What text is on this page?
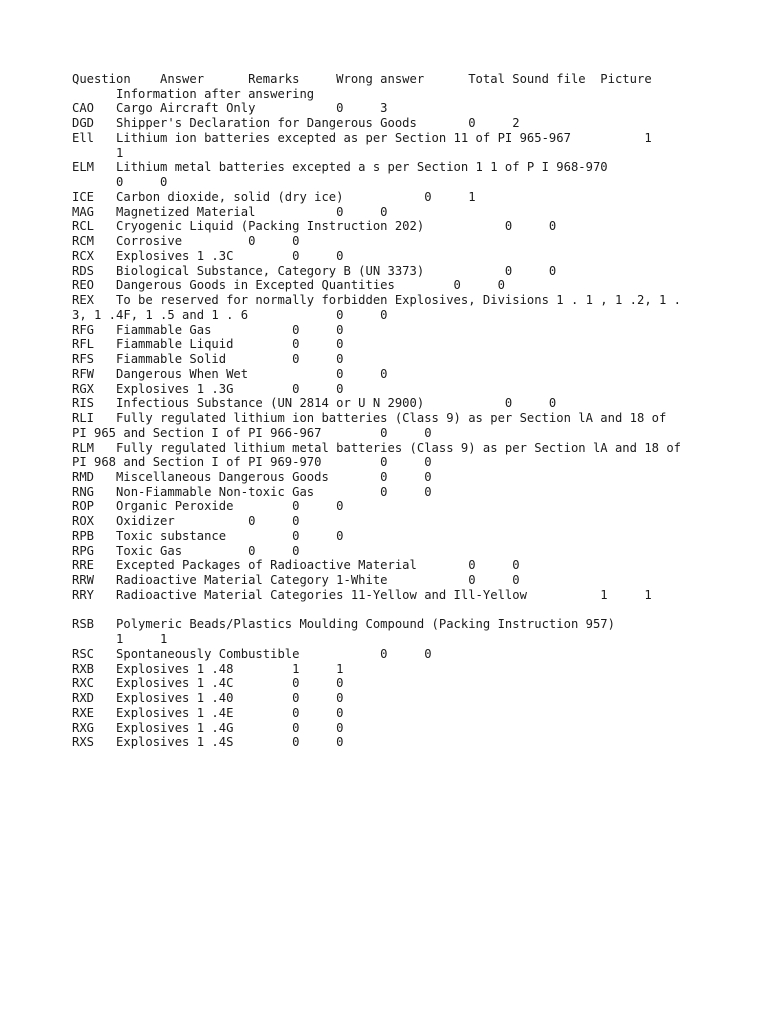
Question    Answer      Remarks     Wrong answer      Total Sound file  Picture
Information after answering
CAO   Cargo Aircraft Only           0     3
DGD   Shipper's Declaration for Dangerous Goods       0     2
Ell   Lithium ion batteries excepted as per Section 11 of PI 965-967          1
1
ELM   Lithium metal batteries excepted a s per Section 1 1 of P I 968-970
0     0
ICE   Carbon dioxide, solid (dry ice)           0     1
MAG   Magnetized Material           0     0
RCL   Cryogenic Liquid (Packing Instruction 202)           0     0
RCM   Corrosive         0     0
RCX   Explosives 1 .3C        0     0
RDS   Biological Substance, Category B (UN 3373)           0     0
REO   Dangerous Goods in Excepted Quantities        0     0
REX   To be reserved for normally forbidden Explosives, Divisions 1 . 1 , 1 .2, 1 .
3, 1 .4F, 1 .5 and 1 . 6            0     0
RFG   Fiammable Gas           0     0
RFL   Fiammable Liquid        0     0
RFS   Fiammable Solid         0     0
RFW   Dangerous When Wet            0     0
RGX   Explosives 1 .3G        0     0
RIS   Infectious Substance (UN 2814 or U N 2900)           0     0
RLI   Fully regulated lithium ion batteries (Class 9) as per Section lA and 18 of
PI 965 and Section I of PI 966-967        0     0
RLM   Fully regulated lithium metal batteries (Class 9) as per Section lA and 18 of
PI 968 and Section I of PI 969-970        0     0
RMD   Miscellaneous Dangerous Goods       0     0
RNG   Non-Fiammable Non-toxic Gas         0     0
ROP   Organic Peroxide        0     0
ROX   Oxidizer          0     0
RPB   Toxic substance         0     0
RPG   Toxic Gas         0     0
RRE   Excepted Packages of Radioactive Material       0     0
RRW   Radioactive Material Category 1-White           0     0
RRY   Radioactive Material Categories 11-Yellow and Ill-Yellow          1     1
RSB   Polymeric Beads/Plastics Moulding Compound (Packing Instruction 957)
1     1
RSC   Spontaneously Combustible           0     0
RXB   Explosives 1 .48        1     1
RXC   Explosives 1 .4C        0     0
RXD   Explosives 1 .40        0     0
RXE   Explosives 1 .4E        0     0
RXG   Explosives 1 .4G        0     0
RXS   Explosives 1 .4S        0     0
